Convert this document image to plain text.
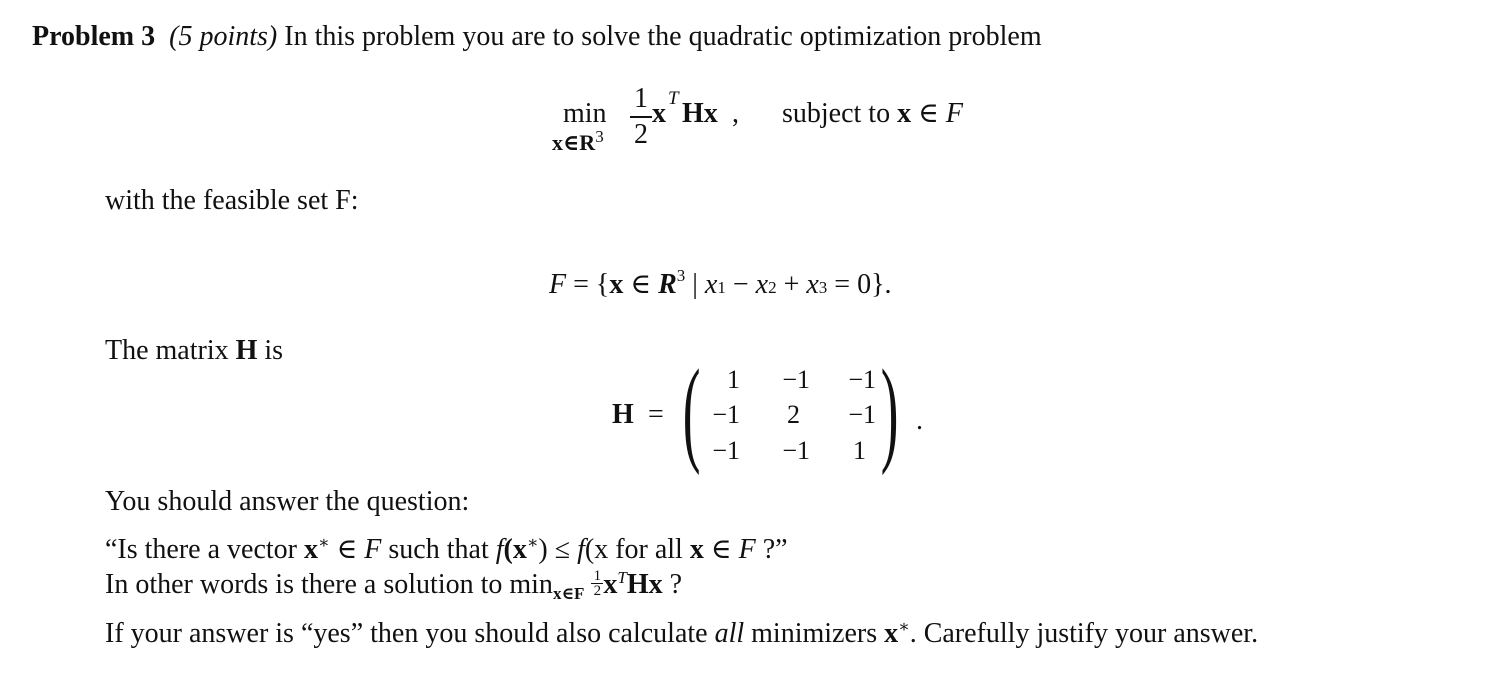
Problem 3 (5 points) In this problem you are to solve the quadratic optimization problem
min
$x\in R^3$
1
2
x T Hx , subject to x ∈ F
with the feasible set F:
F = {x ∈ $R^3$ | x1 − x2 + x3 = 0}.
The matrix H is
H = ( )
1	−1	−1
−1	2	−1
−1	−1	1
.
You should answer the question:
“Is there a vector x∗ ∈ F such that f(x∗) ≤ f(x for all x ∈ F ?”
In other words is there a solution to $\min_{x\in F} \frac{1}{2} x^THx$ ?
If your answer is “yes” then you should also calculate all minimizers x∗. Carefully justify your answer.
